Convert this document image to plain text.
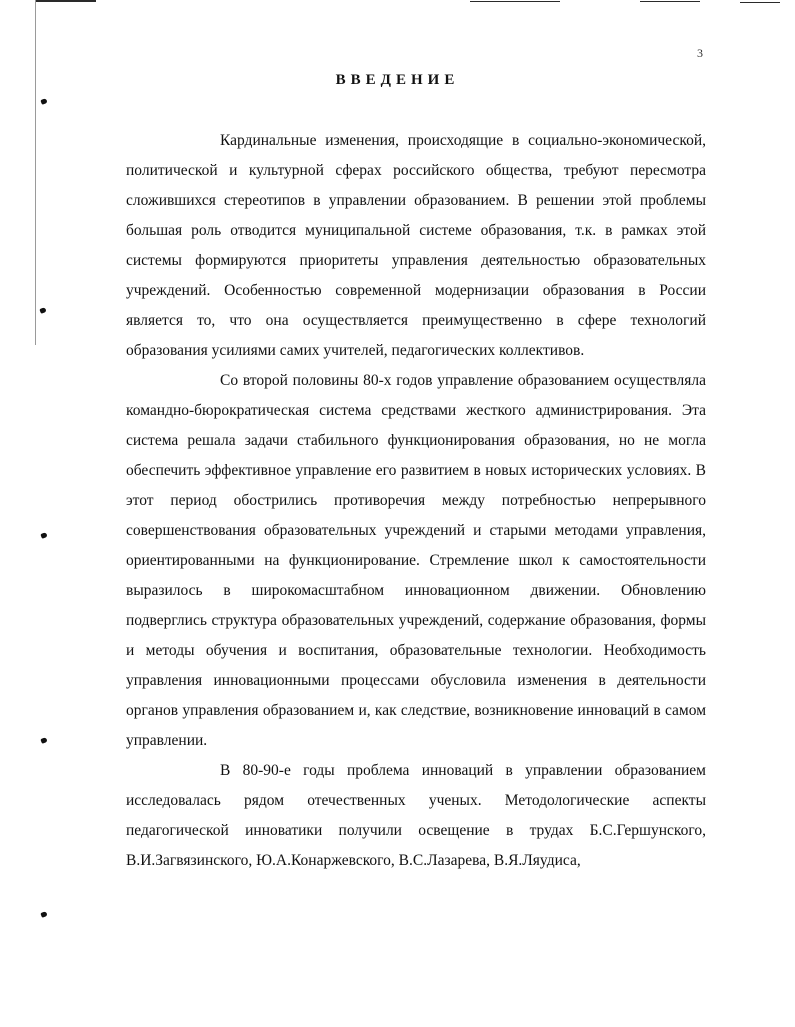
3
ВВЕДЕНИЕ

Кардинальные изменения, происходящие в социально-экономической, политической и культурной сферах российского общества, требуют пересмотра сложившихся стереотипов в управлении образованием. В решении этой проблемы большая роль отводится муниципальной системе образования, т.к. в рамках этой системы формируются приоритеты управления деятельностью образовательных учреждений. Особенностью современной модернизации образования в России является то, что она осуществляется преимущественно в сфере технологий образования усилиями самих учителей, педагогических коллективов.

Со второй половины 80-х годов управление образованием осуществляла командно-бюрократическая система средствами жесткого администрирования. Эта система решала задачи стабильного функционирования образования, но не могла обеспечить эффективное управление его развитием в новых исторических условиях. В этот период обострились противоречия между потребностью непрерывного совершенствования образовательных учреждений и старыми методами управления, ориентированными на функционирование. Стремление школ к самостоятельности выразилось в широкомасштабном инновационном движении. Обновлению подверглись структура образовательных учреждений, содержание образования, формы и методы обучения и воспитания, образовательные технологии. Необходимость управления инновационными процессами обусловила изменения в деятельности органов управления образованием и, как следствие, возникновение инноваций в самом управлении.

В 80-90-е годы проблема инноваций в управлении образованием исследовалась рядом отечественных ученых. Методологические аспекты педагогической инноватики получили освещение в трудах Б.С.Гершунского, В.И.Загвязинского, Ю.А.Конаржевского, В.С.Лазарева, В.Я.Ляудиса,
